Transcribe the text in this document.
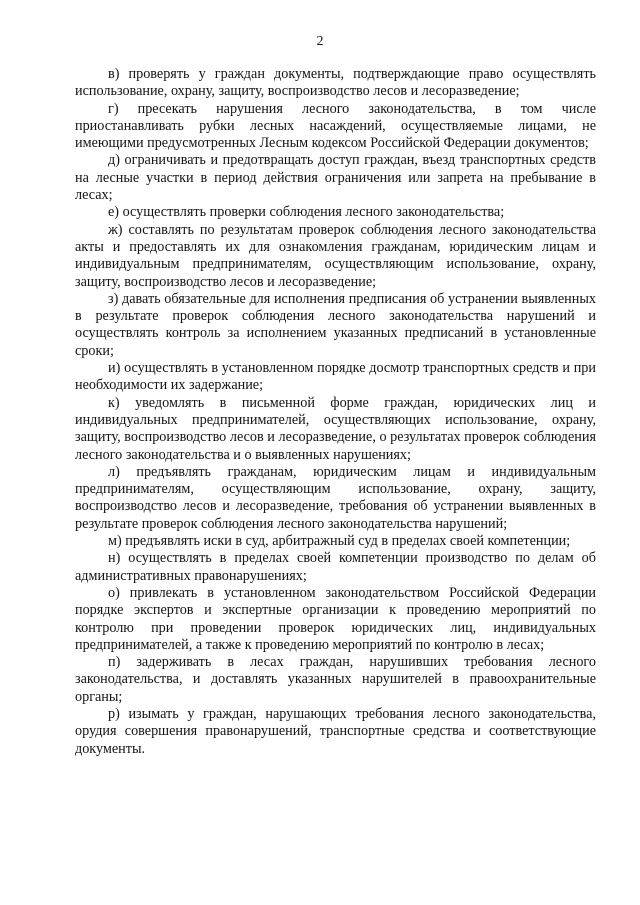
2

в) проверять у граждан документы, подтверждающие право осуществлять использование, охрану, защиту, воспроизводство лесов и лесоразведение;

г) пресекать нарушения лесного законодательства, в том числе приостанавливать рубки лесных насаждений, осуществляемые лицами, не имеющими предусмотренных Лесным кодексом Российской Федерации документов;

д) ограничивать и предотвращать доступ граждан, въезд транспортных средств на лесные участки в период действия ограничения или запрета на пребывание в лесах;

е) осуществлять проверки соблюдения лесного законодательства;

ж) составлять по результатам проверок соблюдения лесного законодательства акты и предоставлять их для ознакомления гражданам, юридическим лицам и индивидуальным предпринимателям, осуществляющим использование, охрану, защиту, воспроизводство лесов и лесоразведение;

з) давать обязательные для исполнения предписания об устранении выявленных в результате проверок соблюдения лесного законодательства нарушений и осуществлять контроль за исполнением указанных предписаний в установленные сроки;

и) осуществлять в установленном порядке досмотр транспортных средств и при необходимости их задержание;

к) уведомлять в письменной форме граждан, юридических лиц и индивидуальных предпринимателей, осуществляющих использование, охрану, защиту, воспроизводство лесов и лесоразведение, о результатах проверок соблюдения лесного законодательства и о выявленных нарушениях;

л) предъявлять гражданам, юридическим лицам и индивидуальным предпринимателям, осуществляющим использование, охрану, защиту, воспроизводство лесов и лесоразведение, требования об устранении выявленных в результате проверок соблюдения лесного законодательства нарушений;

м) предъявлять иски в суд, арбитражный суд в пределах своей компетенции;

н) осуществлять в пределах своей компетенции производство по делам об административных правонарушениях;

о) привлекать в установленном законодательством Российской Федерации порядке экспертов и экспертные организации к проведению мероприятий по контролю при проведении проверок юридических лиц, индивидуальных предпринимателей, а также к проведению мероприятий по контролю в лесах;

п) задерживать в лесах граждан, нарушивших требования лесного законодательства, и доставлять указанных нарушителей в правоохранительные органы;

р) изымать у граждан, нарушающих требования лесного законодательства, орудия совершения правонарушений, транспортные средства и соответствующие документы.
